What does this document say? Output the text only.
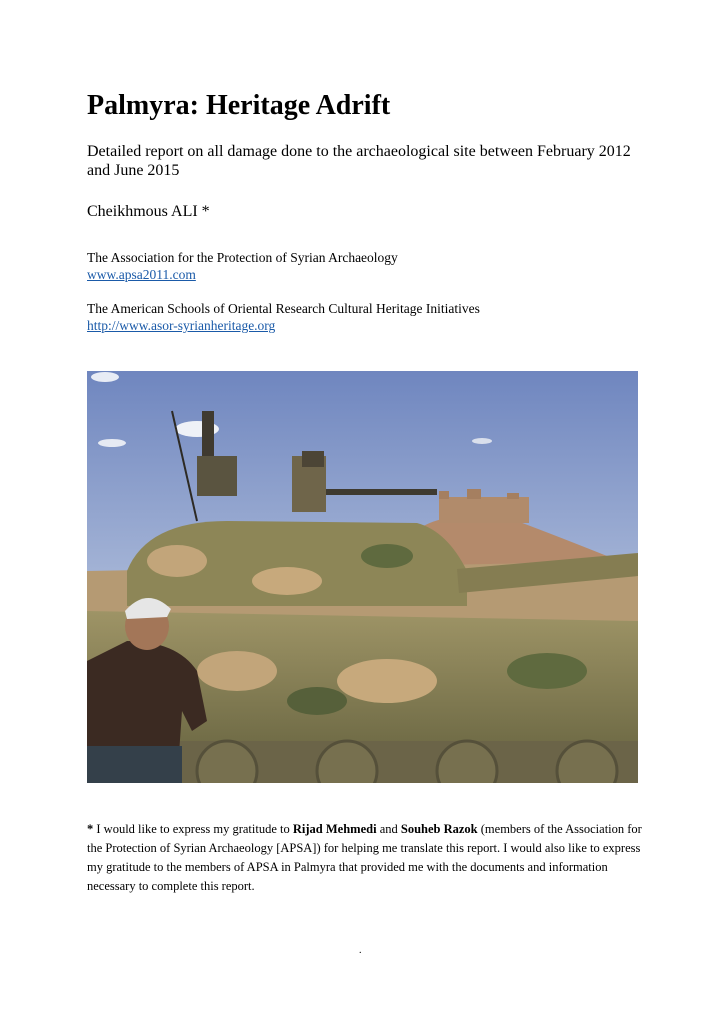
Palmyra: Heritage Adrift

Detailed report on all damage done to the archaeological site between February 2012 and June 2015

Cheikhmous ALI *

The Association for the Protection of Syrian Archaeology
www.apsa2011.com
The American Schools of Oriental Research Cultural Heritage Initiatives
http://www.asor-syrianheritage.org

* I would like to express my gratitude to Rijad Mehmedi and Souheb Razok (members of the Association for the Protection of Syrian Archaeology [APSA]) for helping me translate this report. I would also like to express my gratitude to the members of APSA in Palmyra that provided me with the documents and information necessary to complete this report.

.
